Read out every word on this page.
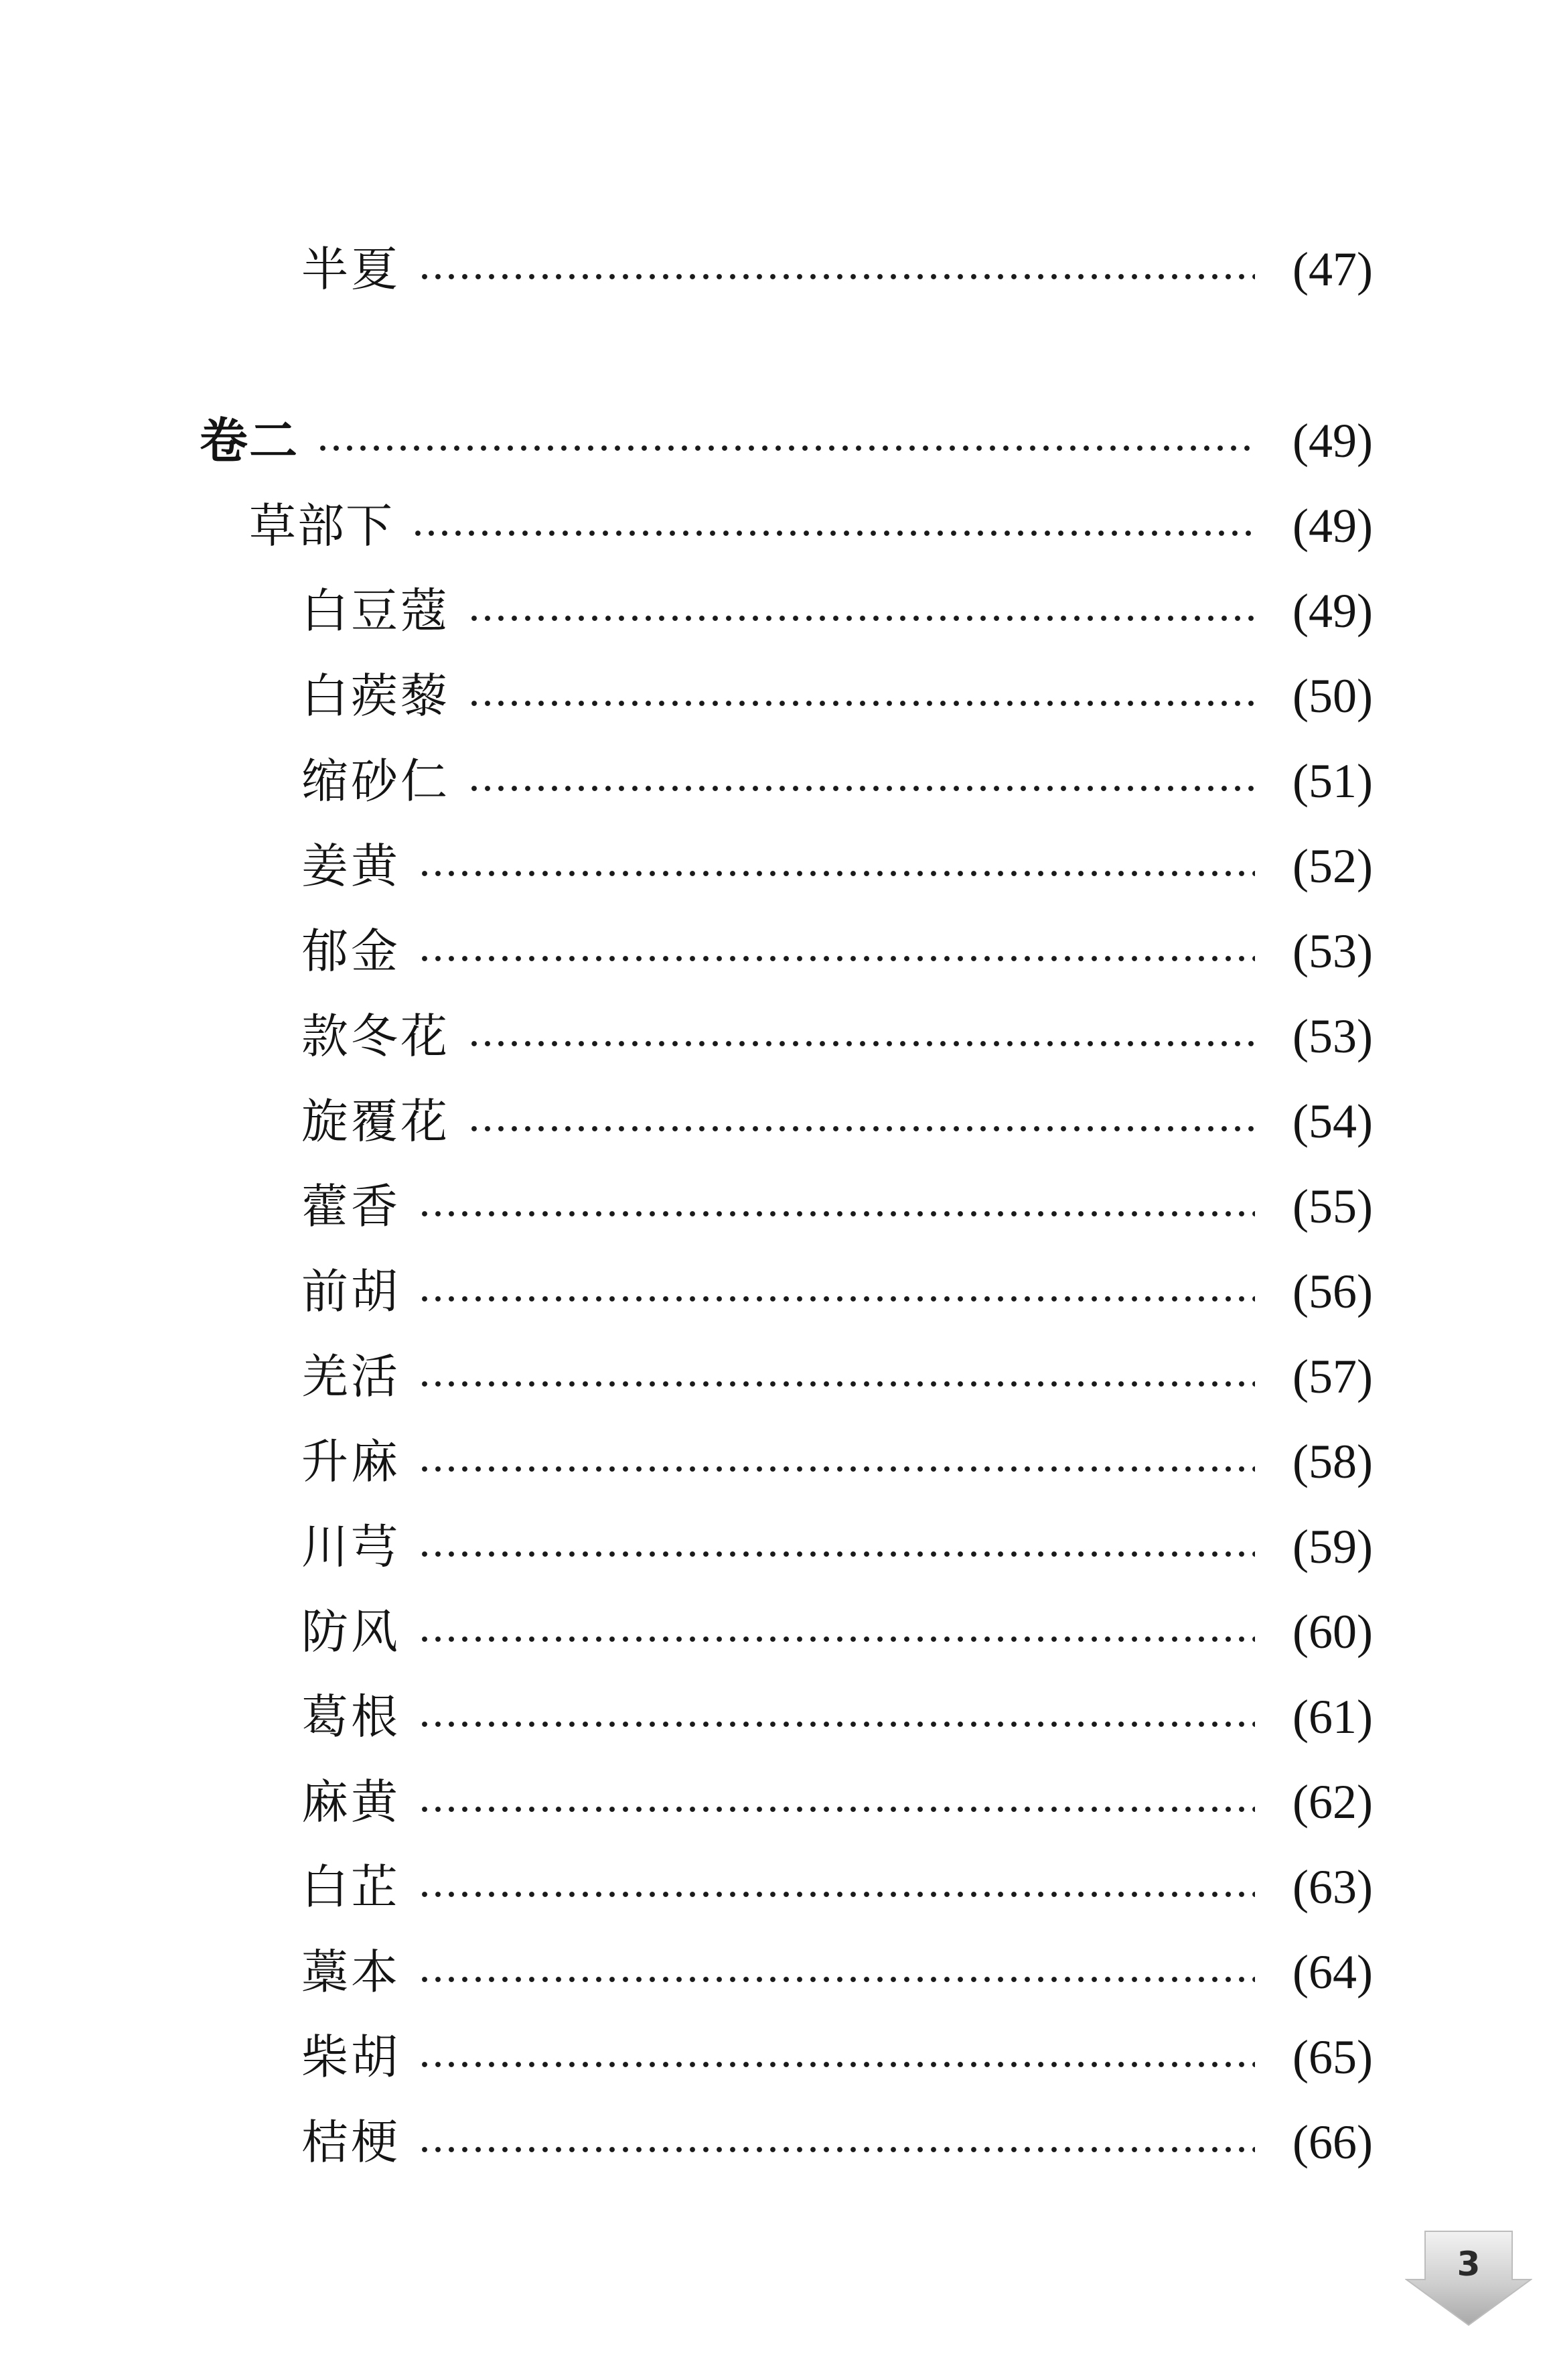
半夏	(47)
卷二	(49)
草部下	(49)
白豆蔻	(49)
白蒺藜	(50)
缩砂仁	(51)
姜黄	(52)
郁金	(53)
款冬花	(53)
旋覆花	(54)
藿香	(55)
前胡	(56)
羌活	(57)
升麻	(58)
川芎	(59)
防风	(60)
葛根	(61)
麻黄	(62)
白芷	(63)
藁本	(64)
柴胡	(65)
桔梗	(66)
3
